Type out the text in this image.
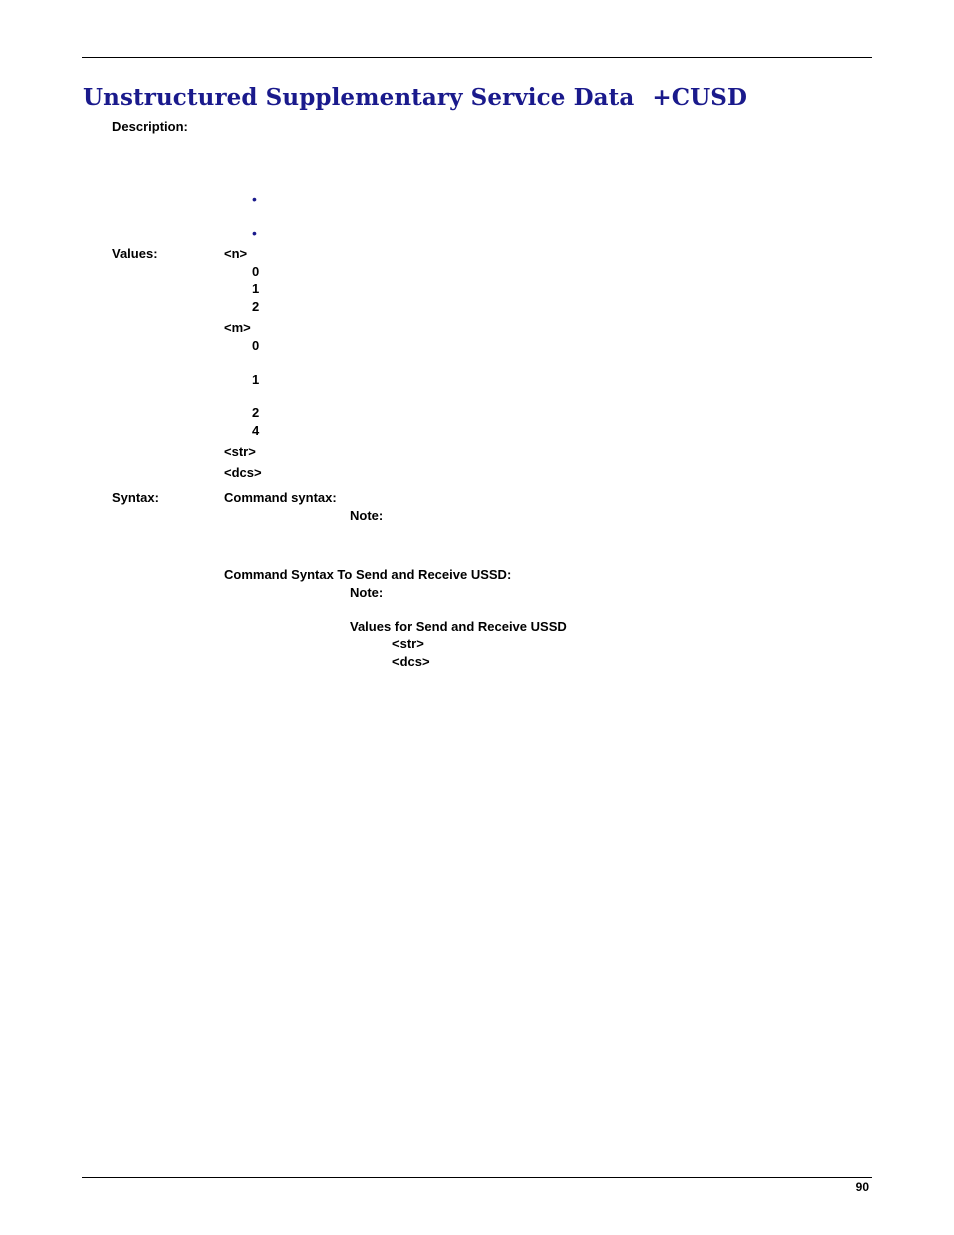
Unstructured Supplementary Service Data +CUSD
Description:
•
•
Values:	<n>
0
1
2
<m>
0
1
2
4
<str>
<dcs>
Syntax:	Command syntax:
Note:
Command Syntax To Send and Receive USSD:
Note:
Values for Send and Receive USSD
<str>
<dcs>
90
